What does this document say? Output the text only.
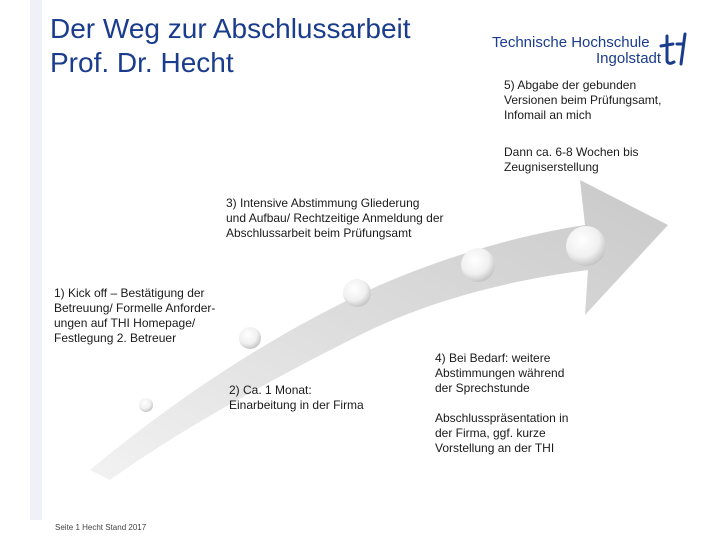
Der Weg zur Abschlussarbeit
Prof. Dr. Hecht
Technische Hochschule
Ingolstadt
5) Abgabe der gebunden
Versionen beim Prüfungsamt,
Infomail an mich
Dann ca. 6-8 Wochen bis
Zeugniserstellung
3) Intensive Abstimmung Gliederung
und Aufbau/ Rechtzeitige Anmeldung der
Abschlussarbeit beim Prüfungsamt
1) Kick off – Bestätigung der
Betreuung/ Formelle Anforder-
ungen auf THI Homepage/
Festlegung 2. Betreuer
2) Ca. 1 Monat:
Einarbeitung in der Firma
4) Bei Bedarf: weitere
Abstimmungen während
der Sprechstunde
Abschlusspräsentation in
der Firma, ggf. kurze
Vorstellung an der THI
Seite 1 Hecht Stand 2017
